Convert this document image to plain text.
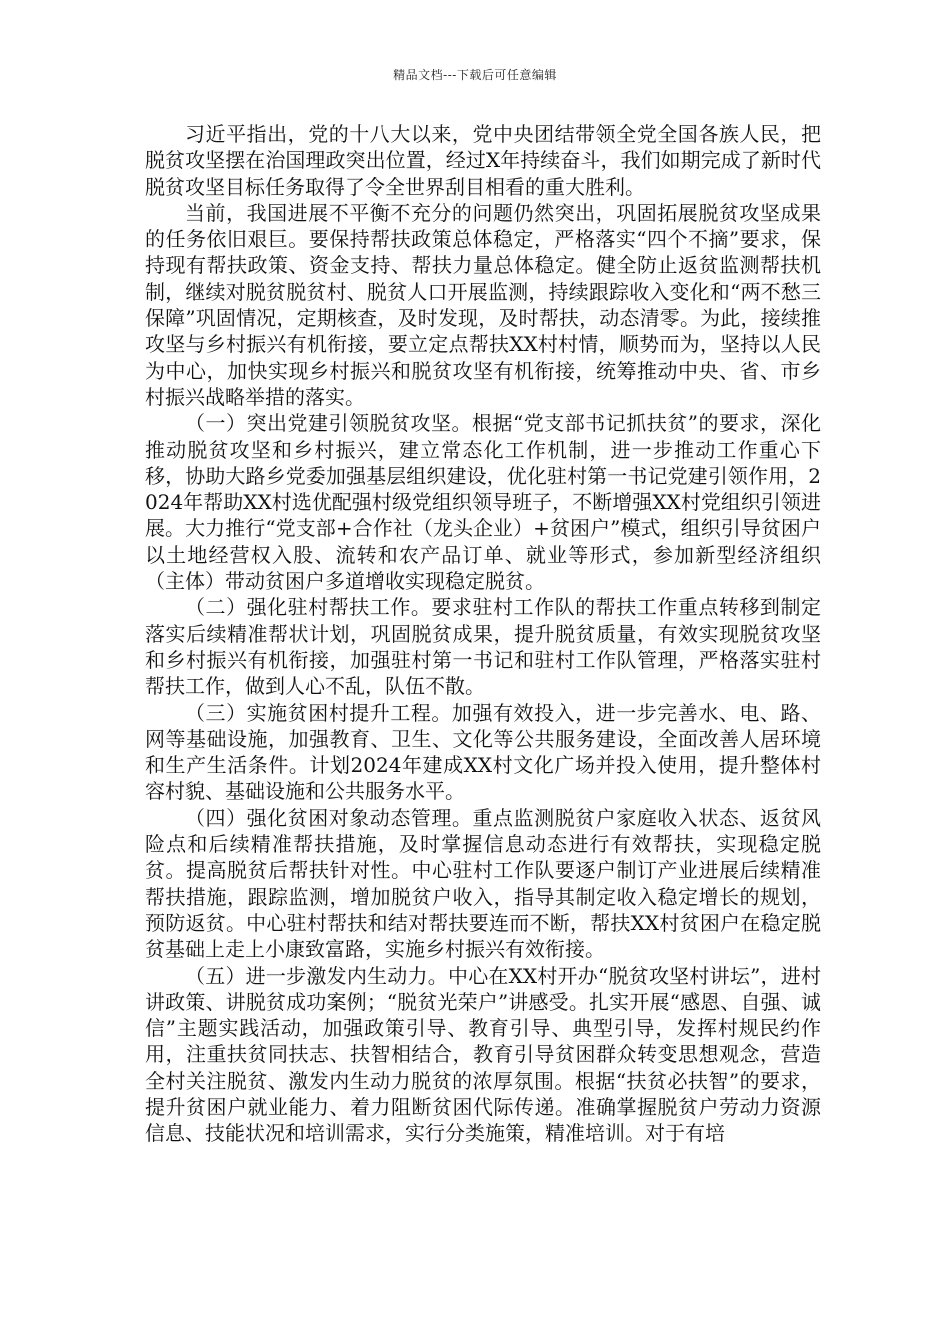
精品文档---下载后可任意编辑

习近平指出，党的十八大以来，党中央团结带领全党全国各族人民，把脱贫攻坚摆在治国理政突出位置，经过X年持续奋斗，我们如期完成了新时代脱贫攻坚目标任务取得了令全世界刮目相看的重大胜利。

当前，我国进展不平衡不充分的问题仍然突出，巩固拓展脱贫攻坚成果的任务依旧艰巨。要保持帮扶政策总体稳定，严格落实“四个不摘”要求，保持现有帮扶政策、资金支持、帮扶力量总体稳定。健全防止返贫监测帮扶机制，继续对脱贫脱贫村、脱贫人口开展监测，持续跟踪收入变化和“两不愁三保障”巩固情况，定期核查，及时发现，及时帮扶，动态清零。为此，接续推攻坚与乡村振兴有机衔接，要立定点帮扶XX村村情，顺势而为，坚持以人民为中心，加快实现乡村振兴和脱贫攻坚有机衔接，统筹推动中央、省、市乡村振兴战略举措的落实。

（一）突出党建引领脱贫攻坚。根据“党支部书记抓扶贫”的要求，深化推动脱贫攻坚和乡村振兴，建立常态化工作机制，进一步推动工作重心下移，协助大路乡党委加强基层组织建设，优化驻村第一书记党建引领作用，2024年帮助XX村选优配强村级党组织领导班子，不断增强XX村党组织引领进展。大力推行“党支部+合作社（龙头企业）+贫困户”模式，组织引导贫困户以土地经营权入股、流转和农产品订单、就业等形式，参加新型经济组织（主体）带动贫困户多道增收实现稳定脱贫。

（二）强化驻村帮扶工作。要求驻村工作队的帮扶工作重点转移到制定落实后续精准帮状计划，巩固脱贫成果，提升脱贫质量，有效实现脱贫攻坚和乡村振兴有机衔接，加强驻村第一书记和驻村工作队管理，严格落实驻村帮扶工作，做到人心不乱，队伍不散。

（三）实施贫困村提升工程。加强有效投入，进一步完善水、电、路、网等基础设施，加强教育、卫生、文化等公共服务建设，全面改善人居环境和生产生活条件。计划2024年建成XX村文化广场并投入使用，提升整体村容村貌、基础设施和公共服务水平。

（四）强化贫困对象动态管理。重点监测脱贫户家庭收入状态、返贫风险点和后续精准帮扶措施，及时掌握信息动态进行有效帮扶，实现稳定脱贫。提高脱贫后帮扶针对性。中心驻村工作队要逐户制订产业进展后续精准帮扶措施，跟踪监测，增加脱贫户收入，指导其制定收入稳定增长的规划，预防返贫。中心驻村帮扶和结对帮扶要连而不断，帮扶XX村贫困户在稳定脱贫基础上走上小康致富路，实施乡村振兴有效衔接。

（五）进一步激发内生动力。中心在XX村开办“脱贫攻坚村讲坛”，进村讲政策、讲脱贫成功案例；“脱贫光荣户”讲感受。扎实开展“感恩、自强、诚信”主题实践活动，加强政策引导、教育引导、典型引导，发挥村规民约作用，注重扶贫同扶志、扶智相结合，教育引导贫困群众转变思想观念，营造全村关注脱贫、激发内生动力脱贫的浓厚氛围。根据“扶贫必扶智”的要求，提升贫困户就业能力、着力阻断贫困代际传递。准确掌握脱贫户劳动力资源信息、技能状况和培训需求，实行分类施策，精准培训。对于有培
